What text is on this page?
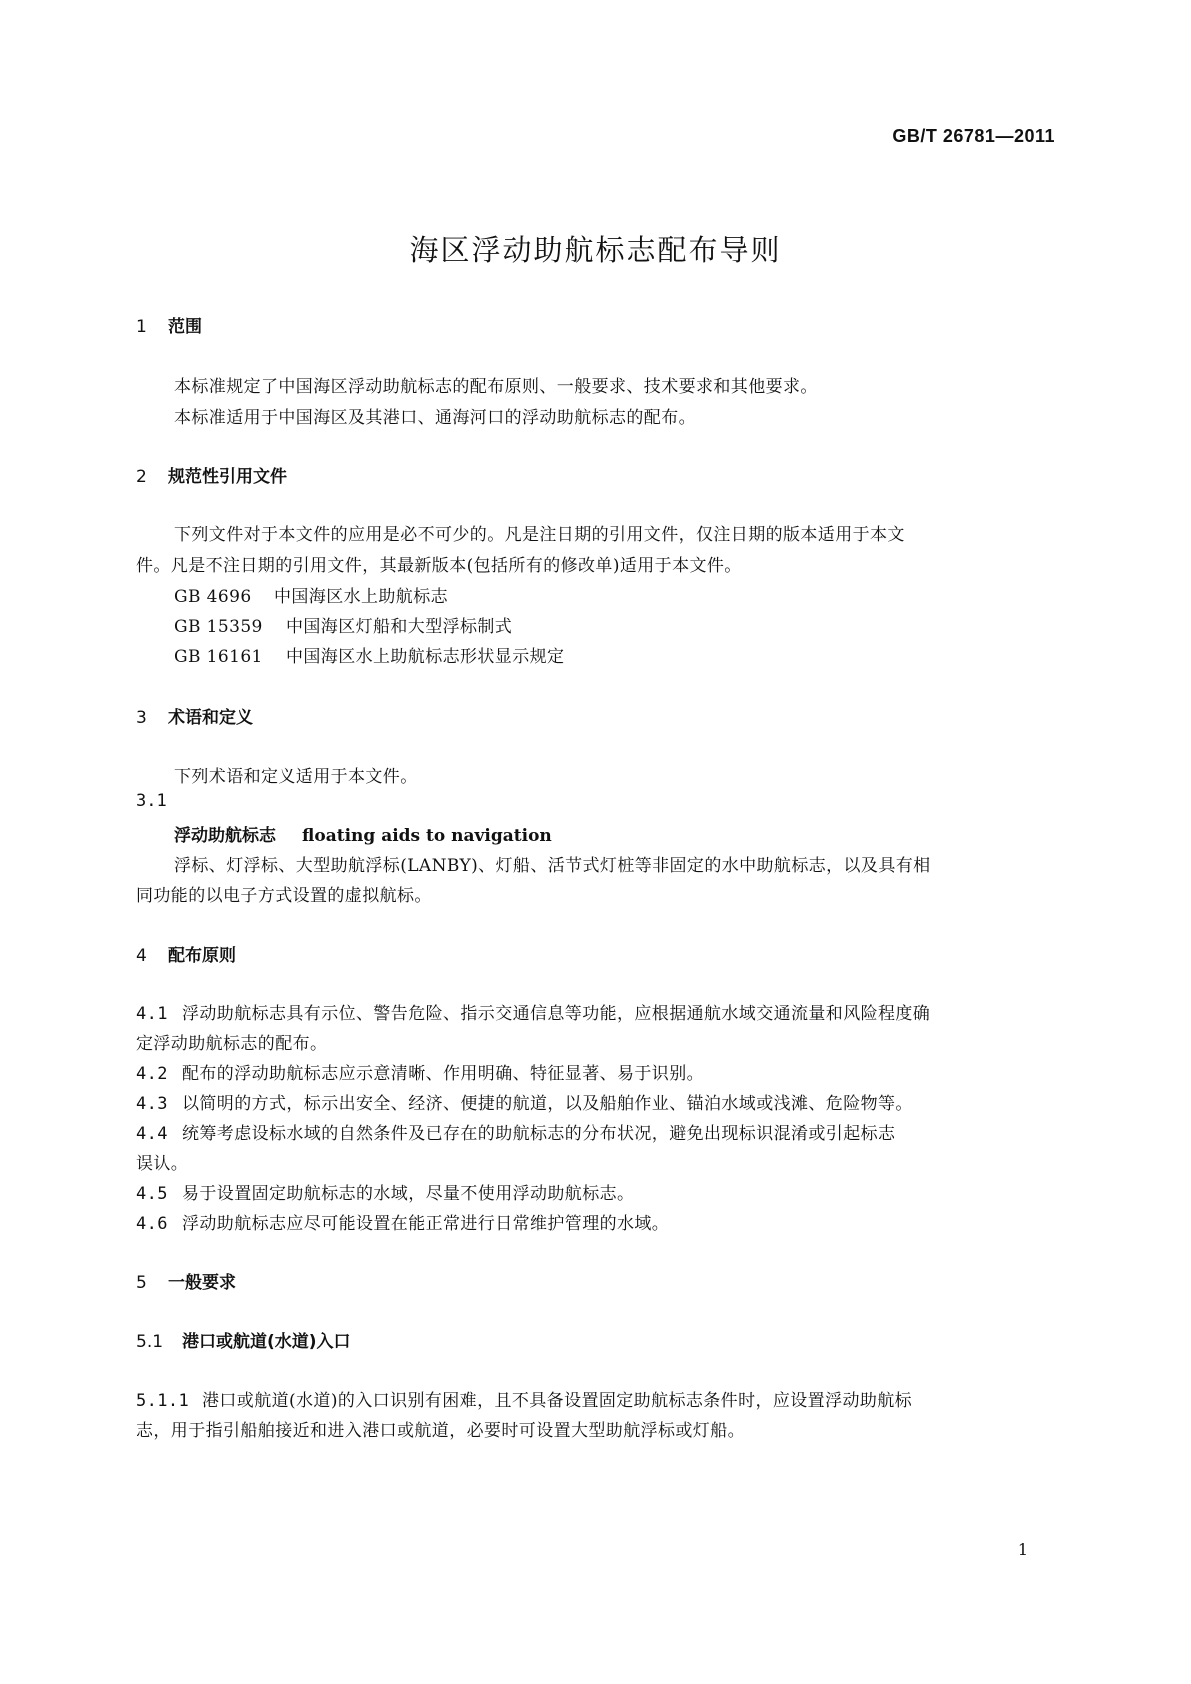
GB/T 26781—2011
海区浮动助航标志配布导则
1 范围
本标准规定了中国海区浮动助航标志的配布原则、一般要求、技术要求和其他要求。
本标准适用于中国海区及其港口、通海河口的浮动助航标志的配布。
2 规范性引用文件
下列文件对于本文件的应用是必不可少的。凡是注日期的引用文件，仅注日期的版本适用于本文
件。凡是不注日期的引用文件，其最新版本(包括所有的修改单)适用于本文件。
GB 4696 中国海区水上助航标志
GB 15359 中国海区灯船和大型浮标制式
GB 16161 中国海区水上助航标志形状显示规定
3 术语和定义
下列术语和定义适用于本文件。
3.1
浮动助航标志 floating aids to navigation
浮标、灯浮标、大型助航浮标(LANBY)、灯船、活节式灯桩等非固定的水中助航标志，以及具有相
同功能的以电子方式设置的虚拟航标。
4 配布原则
4.1 浮动助航标志具有示位、警告危险、指示交通信息等功能，应根据通航水域交通流量和风险程度确
定浮动助航标志的配布。
4.2 配布的浮动助航标志应示意清晰、作用明确、特征显著、易于识别。
4.3 以简明的方式，标示出安全、经济、便捷的航道，以及船舶作业、锚泊水域或浅滩、危险物等。
4.4 统筹考虑设标水域的自然条件及已存在的助航标志的分布状况，避免出现标识混淆或引起标志
误认。
4.5 易于设置固定助航标志的水域，尽量不使用浮动助航标志。
4.6 浮动助航标志应尽可能设置在能正常进行日常维护管理的水域。
5 一般要求
5.1 港口或航道(水道)入口
5.1.1 港口或航道(水道)的入口识别有困难，且不具备设置固定助航标志条件时，应设置浮动助航标
志，用于指引船舶接近和进入港口或航道，必要时可设置大型助航浮标或灯船。
1
